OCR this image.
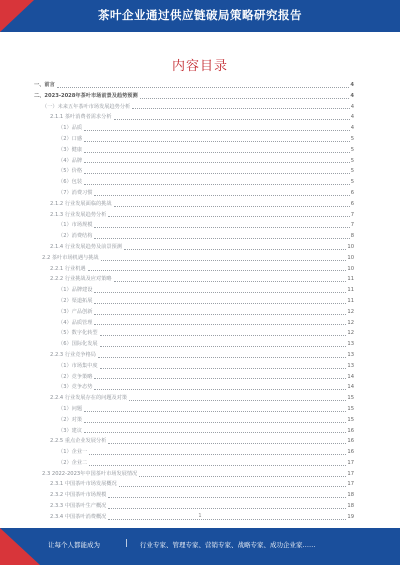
茶叶企业通过供应链破局策略研究报告
内容目录
一、前言	4
二、2023-2028年茶叶市场前景及趋势预测	4
（一）未来五年茶叶市场发展趋势分析	4
2.1.1 茶叶消费者需求分析	4
（1）品质	4
（2）口感	5
（3）健康	5
（4）品牌	5
（5）价格	5
（6）包装	5
（7）消费习惯	6
2.1.2 行业发展面临的挑战	6
2.1.3 行业发展趋势分析	7
（1）市场规模	7
（2）消费结构	8
2.1.4 行业发展趋势及前景预测	10
2.2 茶叶市场机遇与挑战	10
2.2.1 行业机遇	10
2.2.2 行业挑战及应对策略	11
（1）品牌建设	11
（2）渠道拓展	11
（3）产品创新	12
（4）品质管理	12
（5）数字化转型	12
（6）国际化发展	13
2.2.3 行业竞争格局	13
（1）市场集中度	13
（2）竞争策略	14
（3）竞争态势	14
2.2.4 行业发展存在的问题及对策	15
（1）问题	15
（2）对策	15
（3）建议	16
2.2.5 重点企业发展分析	16
（1）企业一	16
（2）企业二	17
2.3 2022-2023年中国茶叶市场发展情况	17
2.3.1 中国茶叶市场发展概况	17
2.3.2 中国茶叶市场规模	18
2.3.3 中国茶叶生产概况	18
2.3.4 中国茶叶消费概况	19
1
让每个人都能成为	| 行业专家、管理专家、营销专家、战略专家、成功企业家……
